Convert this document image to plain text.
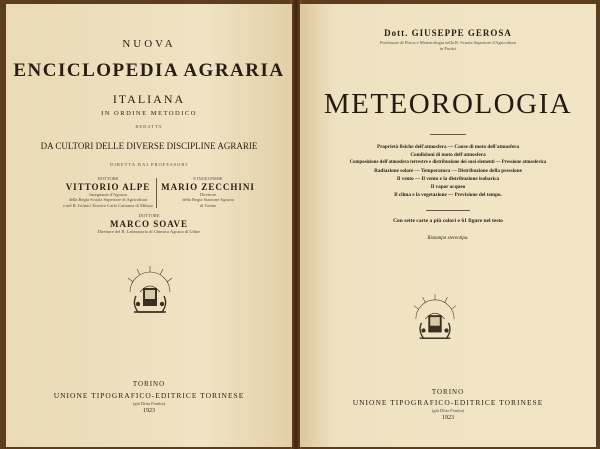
NUOVA
ENCICLOPEDIA AGRARIA
ITALIANA
IN ORDINE METODICO
REDATTA
DA CULTORI DELLE DIVERSE DISCIPLINE AGRARIE
DIRETTA DAI PROFESSORI
DOTTORE
VITTORIO ALPE
Insegnante d'Agraria
della Regia Scuola Superiore di Agricoltura
e nel R. Istituto Tecnico Carlo Cattaneo di Milano
E INGEGNERE
MARIO ZECCHINI
Direttore
della Regia Stazione Agraria
di Torino
DOTTORE
MARCO SOAVE
Direttore del R. Laboratorio di Chimica Agraria di Udine
TORINO
UNIONE TIPOGRAFICO-EDITRICE TORINESE
(già Ditta Pomba)
1923
Dott. GIUSEPPE GEROSA
Professore di Fisica e Meteorologia nella R. Scuola Superiore d'Agricoltura
in Portici
METEOROLOGIA
Proprietà fisiche dell'atmosfera — Cause di moto dell'atmosfera
Condizioni di moto dell'atmosfera
Composizione dell'atmosfera terrestre e distribuzione dei suoi elementi — Pressione atmosferica
Radiazione solare — Temperatura — Distribuzione della pressione
Il vento — Il vento e la distribuzione isobarica
Il vapor acqueo
Il clima e la vegetazione — Previsione del tempo.
Con sette carte a più colori e 61 figure nel testo
Ristampa stereotipa.
TORINO
UNIONE TIPOGRAFICO-EDITRICE TORINESE
(già Ditta Pomba)
1923
